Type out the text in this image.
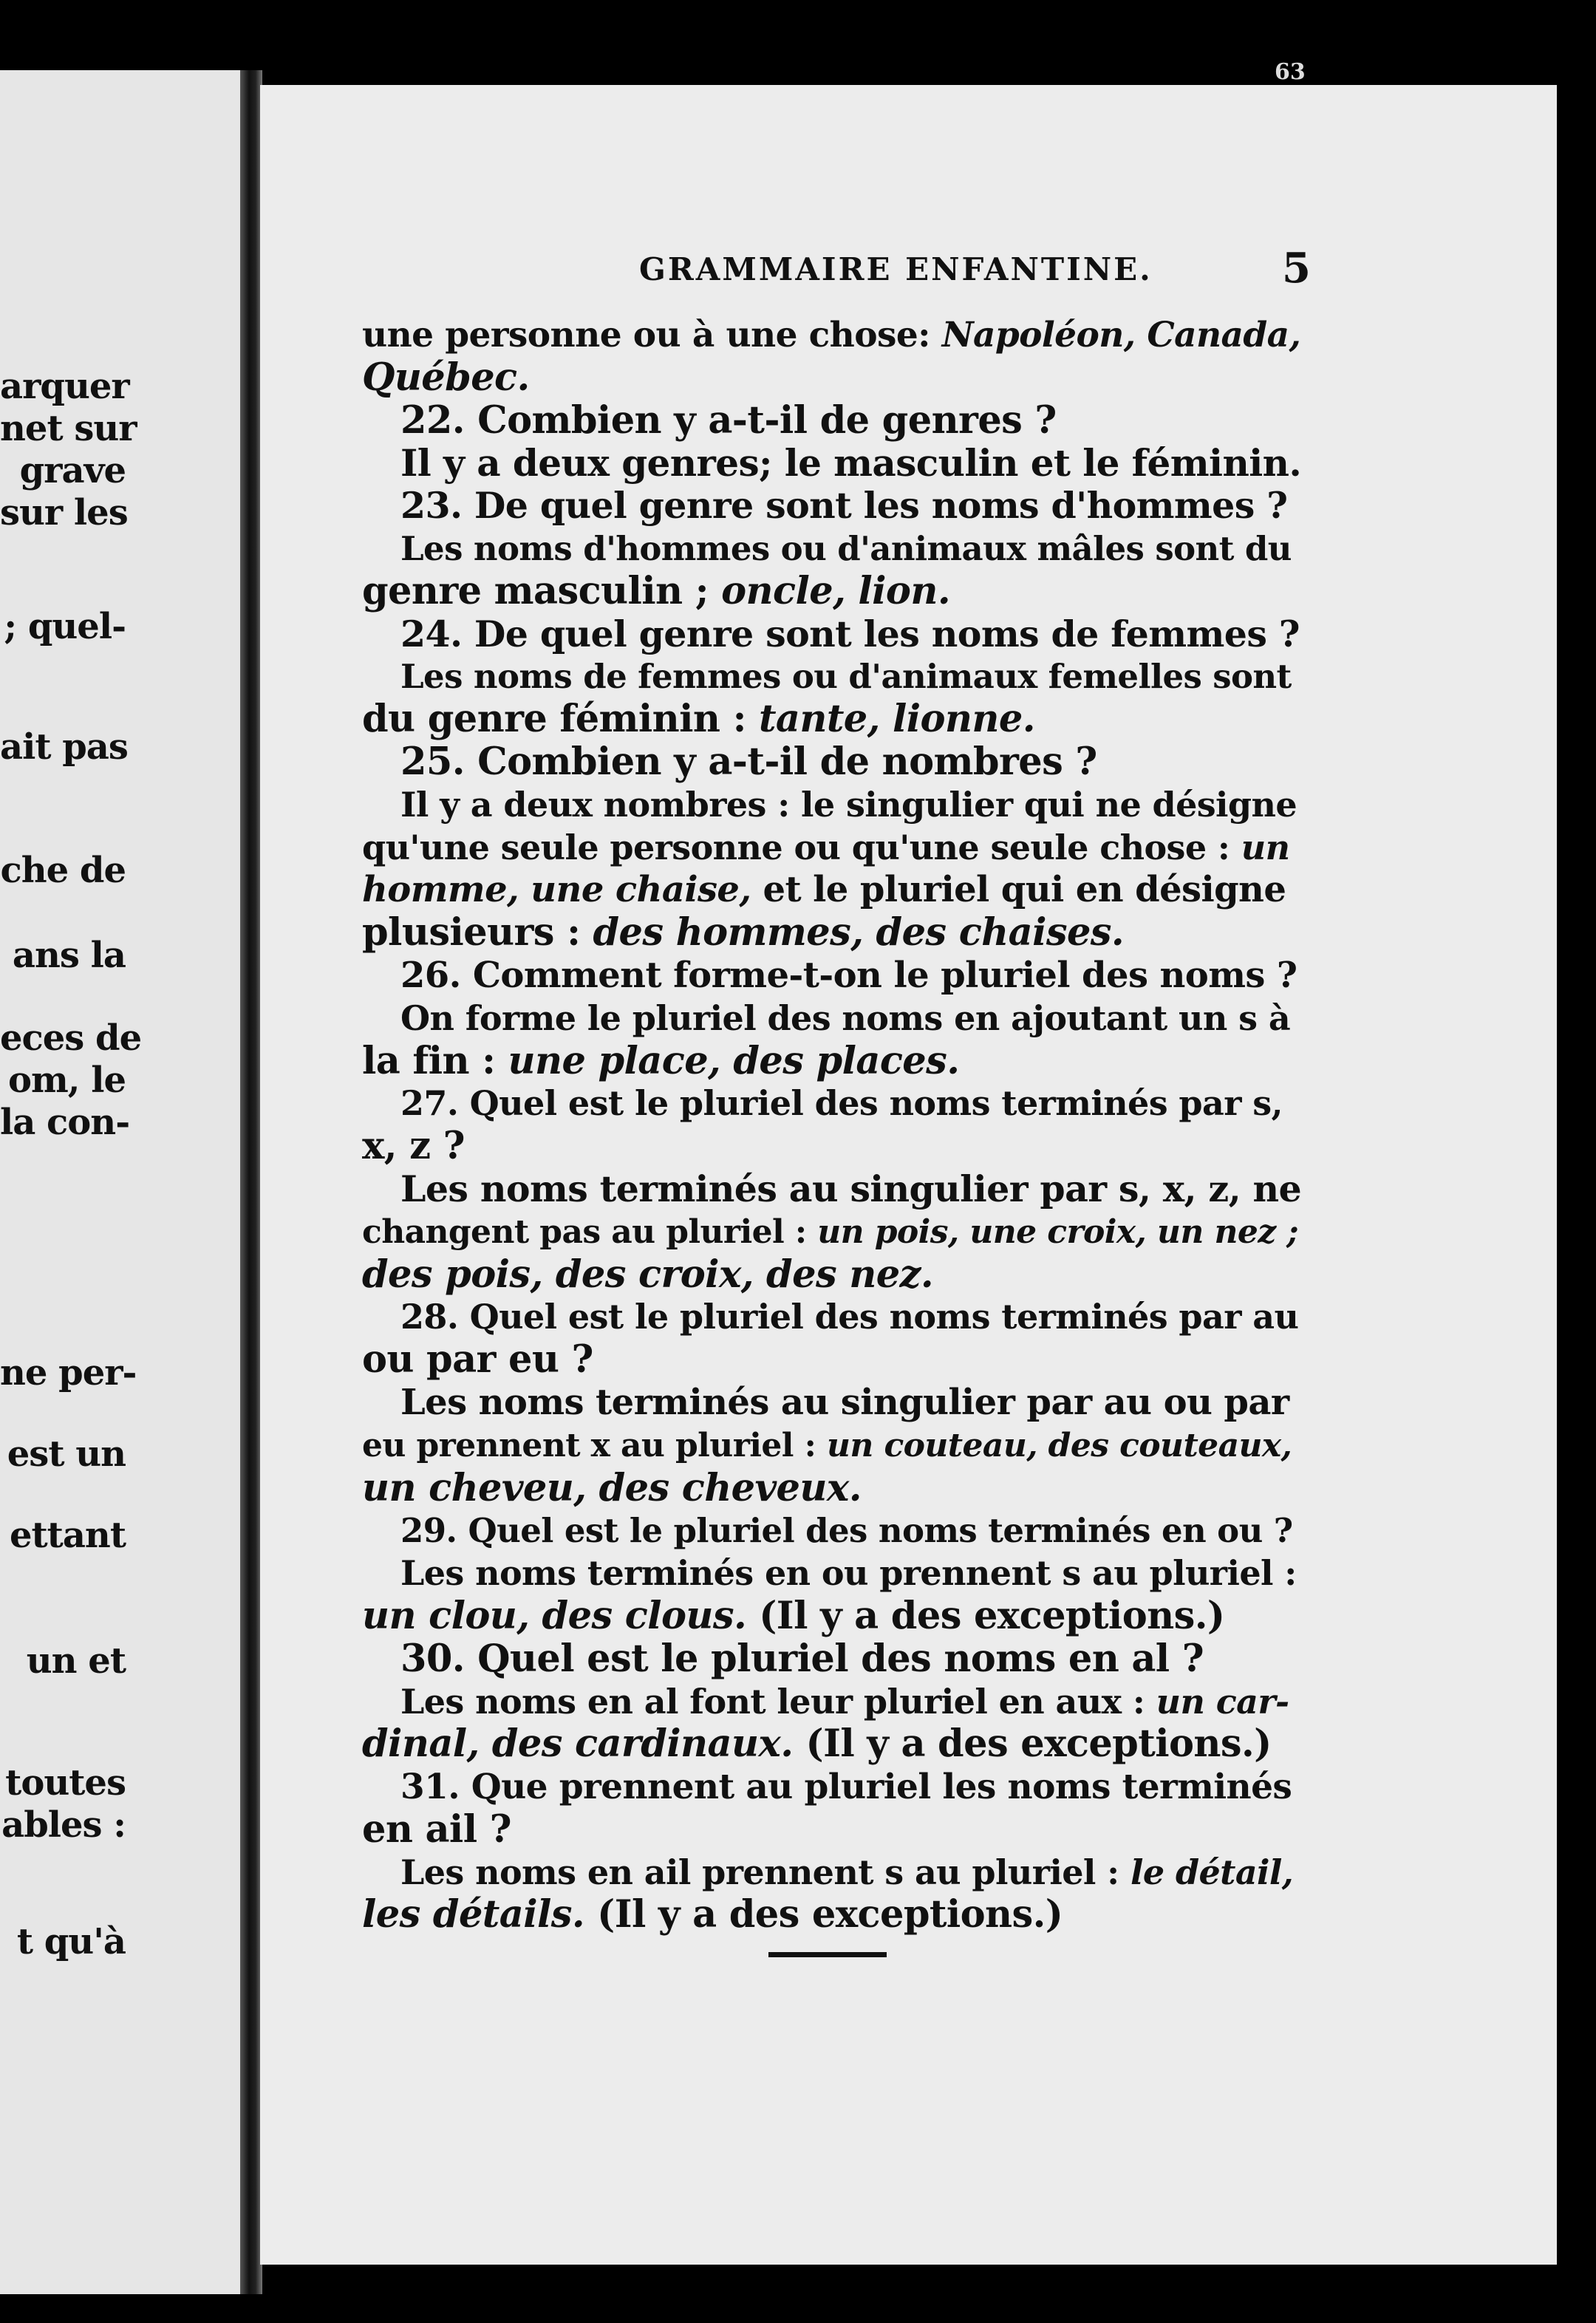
arquer
net sur
grave
sur les
; quel-
ait pas
che de
ans la
eces de
om, le
la con-
ne per-
est un
ettant
un et
toutes
ables :
t qu'à
63
GRAMMAIRE ENFANTINE.	5
une personne ou à une chose: Napoléon, Canada,
Québec.
22. Combien y a-t-il de genres ?
Il y a deux genres; le masculin et le féminin.
23. De quel genre sont les noms d'hommes ?
Les noms d'hommes ou d'animaux mâles sont du
genre masculin ; oncle, lion.
24. De quel genre sont les noms de femmes ?
Les noms de femmes ou d'animaux femelles sont
du genre féminin : tante, lionne.
25. Combien y a-t-il de nombres ?
Il y a deux nombres : le singulier qui ne désigne
qu'une seule personne ou qu'une seule chose : un
homme, une chaise, et le pluriel qui en désigne
plusieurs : des hommes, des chaises.
26. Comment forme-t-on le pluriel des noms ?
On forme le pluriel des noms en ajoutant un s à
la fin : une place, des places.
27. Quel est le pluriel des noms terminés par s,
x, z ?
Les noms terminés au singulier par s, x, z, ne
changent pas au pluriel : un pois, une croix, un nez ;
des pois, des croix, des nez.
28. Quel est le pluriel des noms terminés par au
ou par eu ?
Les noms terminés au singulier par au ou par
eu prennent x au pluriel : un couteau, des couteaux,
un cheveu, des cheveux.
29. Quel est le pluriel des noms terminés en ou ?
Les noms terminés en ou prennent s au pluriel :
un clou, des clous. (Il y a des exceptions.)
30. Quel est le pluriel des noms en al ?
Les noms en al font leur pluriel en aux : un car-
dinal, des cardinaux. (Il y a des exceptions.)
31. Que prennent au pluriel les noms terminés
en ail ?
Les noms en ail prennent s au pluriel : le détail,
les détails. (Il y a des exceptions.)
